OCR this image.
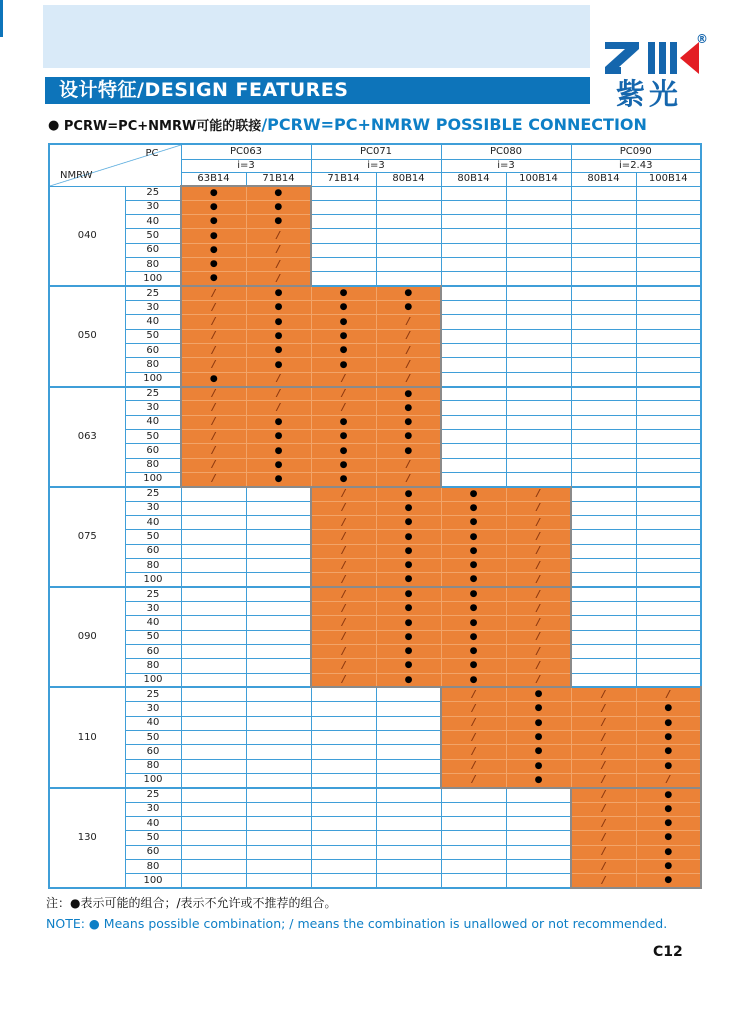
®
紫光
设计特征/DESIGN FEATURES
● PCRW=PC+NMRW可能的联接/PCRW=PC+NMRW POSSIBLE CONNECTION
PC
NMRW		PC063		PC071		PC080		PC090	
		i=3		i=3		i=3		i=2.43	
		63B14	71B14	71B14	80B14	80B14	100B14	80B14	100B14
040	25	●	●						
	30	●	●						
	40	●	●						
	50	●	/						
	60	●	/						
	80	●	/						
	100	●	/						
050	25	/	●	●	●				
	30	/	●	●	●				
	40	/	●	●	/				
	50	/	●	●	/				
	60	/	●	●	/				
	80	/	●	●	/				
	100	●	/	/	/				
063	25	/	/	/	●				
	30	/	/	/	●				
	40	/	●	●	●				
	50	/	●	●	●				
	60	/	●	●	●				
	80	/	●	●	/				
	100	/	●	●	/				
075	25			/	●	●	/		
	30			/	●	●	/		
	40			/	●	●	/		
	50			/	●	●	/		
	60			/	●	●	/		
	80			/	●	●	/		
	100			/	●	●	/		
090	25			/	●	●	/		
	30			/	●	●	/		
	40			/	●	●	/		
	50			/	●	●	/		
	60			/	●	●	/		
	80			/	●	●	/		
	100			/	●	●	/		
110	25					/	●	/	/
	30					/	●	/	●
	40					/	●	/	●
	50					/	●	/	●
	60					/	●	/	●
	80					/	●	/	●
	100					/	●	/	/
130	25							/	●
	30							/	●
	40							/	●
	50							/	●
	60							/	●
	80							/	●
	100							/	●
注：●表示可能的组合；/表示不允许或不推荐的组合。
NOTE: ● Means possible combination; / means the combination is unallowed or not recommended.
C12
